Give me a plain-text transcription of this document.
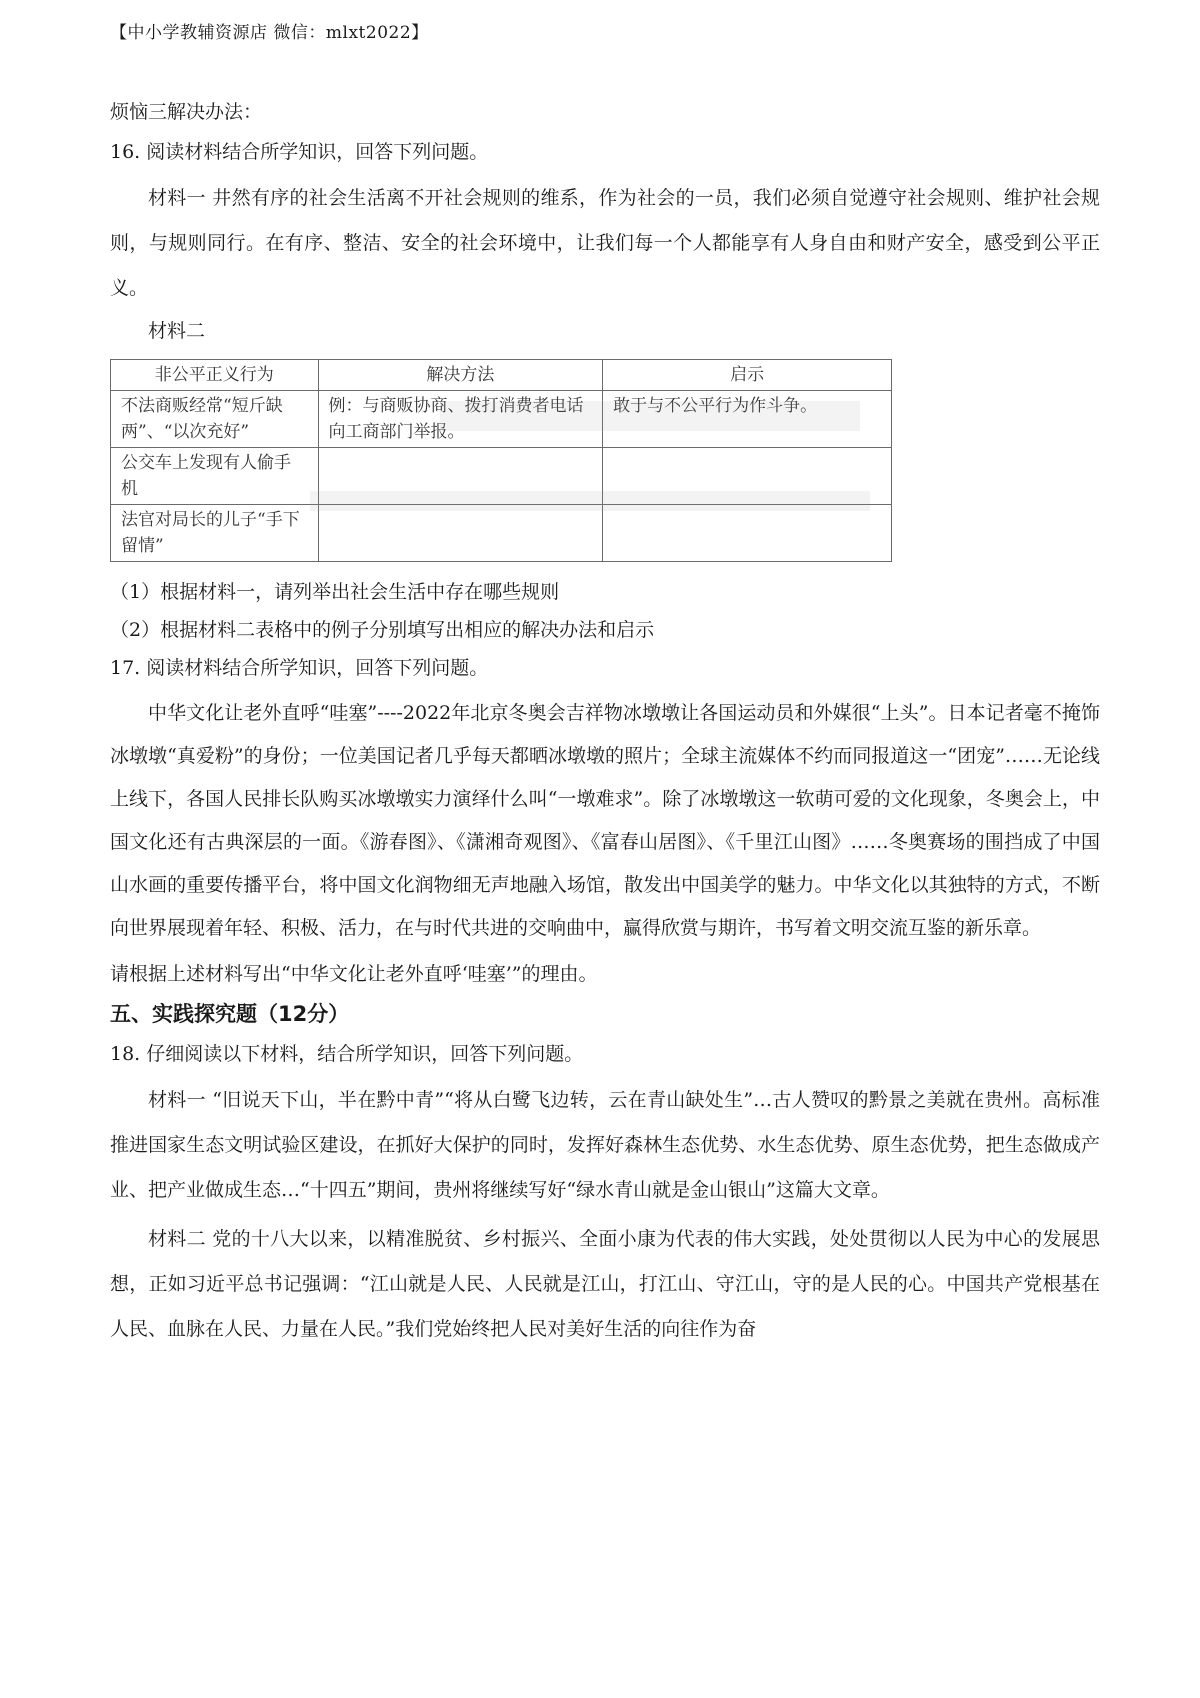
【中小学教辅资源店 微信：mlxt2022】

烦恼三解决办法：

16. 阅读材料结合所学知识，回答下列问题。

材料一 井然有序的社会生活离不开社会规则的维系，作为社会的一员，我们必须自觉遵守社会规则、维护社会规则，与规则同行。在有序、整洁、安全的社会环境中，让我们每一个人都能享有人身自由和财产安全，感受到公平正义。

材料二

非公平正义行为	解决方法	启示
不法商贩经常“短斤缺两”、“以次充好”	例：与商贩协商、拨打消费者电话向工商部门举报。	敢于与不公平行为作斗争。
公交车上发现有人偷手机		
法官对局长的儿子“手下留情”		

（1）根据材料一，请列举出社会生活中存在哪些规则

（2）根据材料二表格中的例子分别填写出相应的解决办法和启示

17. 阅读材料结合所学知识，回答下列问题。

中华文化让老外直呼“哇塞”----2022年北京冬奥会吉祥物冰墩墩让各国运动员和外媒很“上头”。日本记者毫不掩饰冰墩墩“真爱粉”的身份；一位美国记者几乎每天都晒冰墩墩的照片；全球主流媒体不约而同报道这一“团宠”……无论线上线下，各国人民排长队购买冰墩墩实力演绎什么叫“一墩难求”。除了冰墩墩这一软萌可爱的文化现象，冬奥会上，中国文化还有古典深层的一面。《游春图》、《潇湘奇观图》、《富春山居图》、《千里江山图》……冬奥赛场的围挡成了中国山水画的重要传播平台，将中国文化润物细无声地融入场馆，散发出中国美学的魅力。中华文化以其独特的方式，不断向世界展现着年轻、积极、活力，在与时代共进的交响曲中，赢得欣赏与期许，书写着文明交流互鉴的新乐章。

请根据上述材料写出“中华文化让老外直呼‘哇塞’”的理由。

五、实践探究题（12分）

18. 仔细阅读以下材料，结合所学知识，回答下列问题。

材料一 “旧说天下山，半在黔中青”“将从白鹭飞边转，云在青山缺处生”…古人赞叹的黔景之美就在贵州。高标准推进国家生态文明试验区建设，在抓好大保护的同时，发挥好森林生态优势、水生态优势、原生态优势，把生态做成产业、把产业做成生态…“十四五”期间，贵州将继续写好“绿水青山就是金山银山”这篇大文章。

材料二 党的十八大以来，以精准脱贫、乡村振兴、全面小康为代表的伟大实践，处处贯彻以人民为中心的发展思想，正如习近平总书记强调：“江山就是人民、人民就是江山，打江山、守江山，守的是人民的心。中国共产党根基在人民、血脉在人民、力量在人民。”我们党始终把人民对美好生活的向往作为奋
